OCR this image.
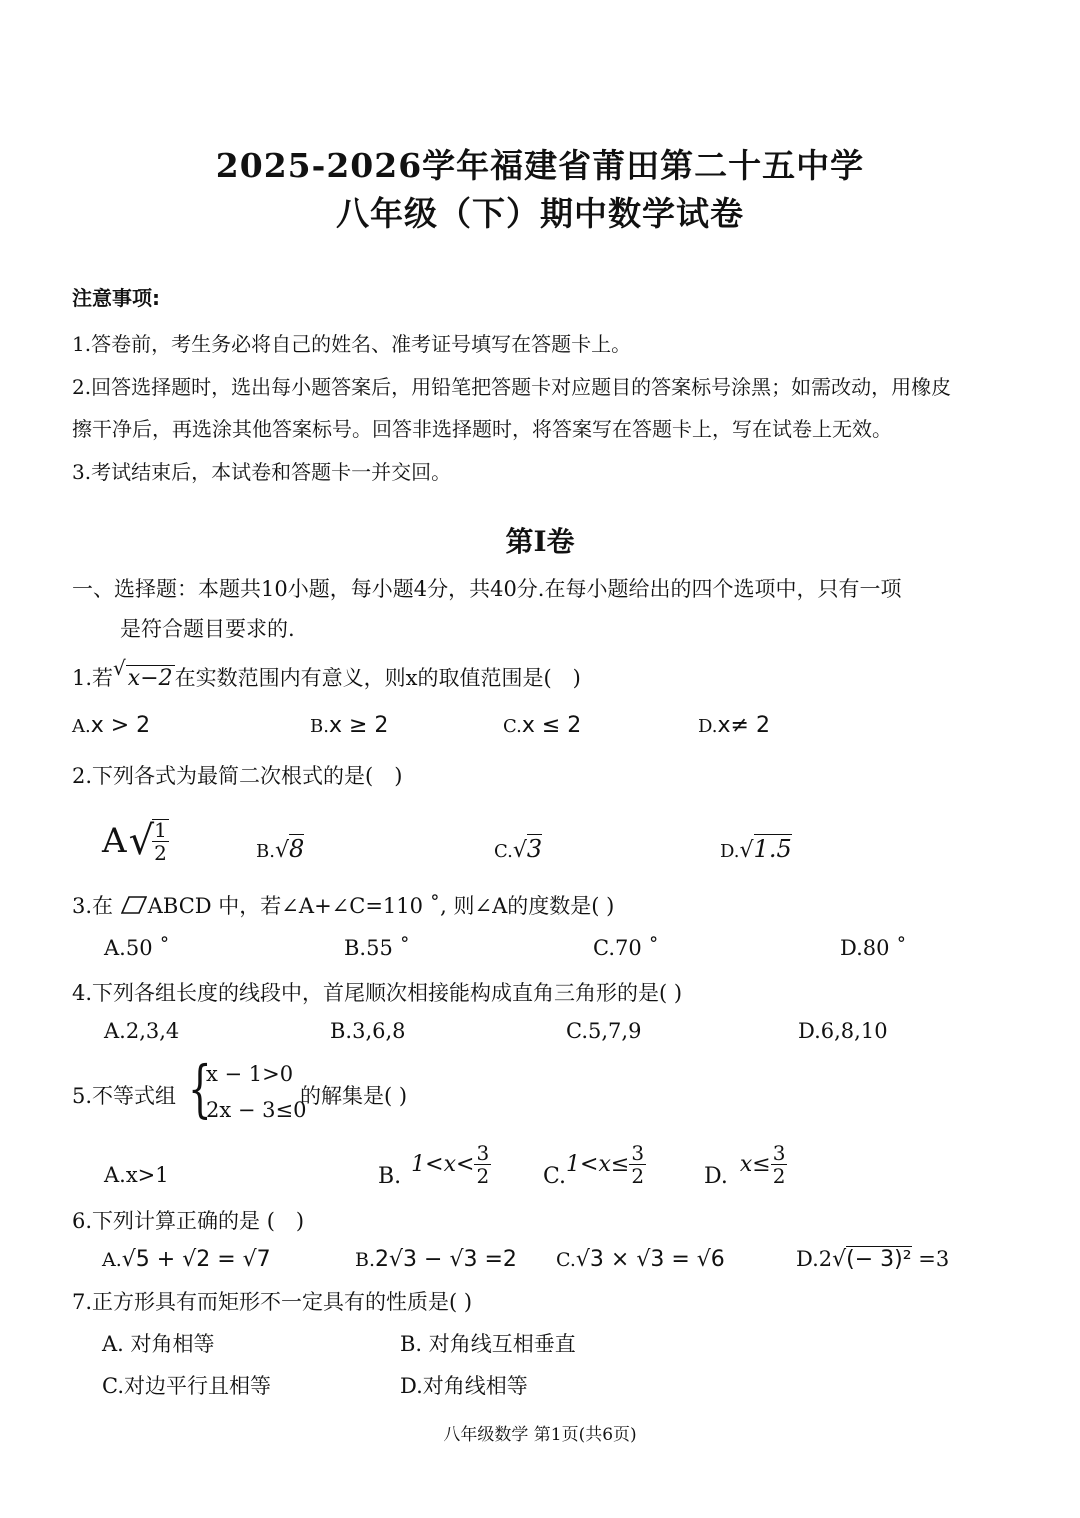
2025-2026学年福建省莆田第二十五中学
八年级（下）期中数学试卷
注意事项:
1.答卷前，考生务必将自己的姓名、准考证号填写在答题卡上。
2.回答选择题时，选出每小题答案后，用铅笔把答题卡对应题目的答案标号涂黑；如需改动，用橡皮
擦干净后，再选涂其他答案标号。回答非选择题时，将答案写在答题卡上，写在试卷上无效。
3.考试结束后，本试卷和答题卡一并交回。
第I卷
一、选择题：本题共10小题，每小题4分，共40分.在每小题给出的四个选项中，只有一项
是符合题目要求的.
1.若√x−2在实数范围内有意义，则x的取值范围是(　)
A.x > 2	B.x ≥ 2	C.x ≤ 2	D.x≠ 2
2.下列各式为最简二次根式的是(　)
A √
$\frac{1}{2}$	B.√8	C.√3	D.√1.5
3.在 ABCD 中，若∠A+∠C=110 ˚, 则∠A的度数是( )
A.50 ˚	B.55 ˚	C.70 ˚	D.80 ˚
4.下列各组长度的线段中，首尾顺次相接能构成直角三角形的是( )
A.2,3,4	B.3,6,8	C.5,7,9	D.6,8,10
5.不等式组 {
x − 1>0
2x − 3≤0
的解集是( )
A.x>1	B. $1<x< \frac{3}{2} C$. $1<x\le \frac{3}{2}$	D. $x\le \frac{3}{2}$
6.下列计算正确的是 (　)
A.√5 + √2 = √7	B.2√3 − √3 =2 C.√3 × √3 = √6	D.2√(− 3)² =3
7.正方形具有而矩形不一定具有的性质是( )
A. 对角相等	B. 对角线互相垂直
C.对边平行且相等	D.对角线相等
八年级数学 第1页(共6页)
